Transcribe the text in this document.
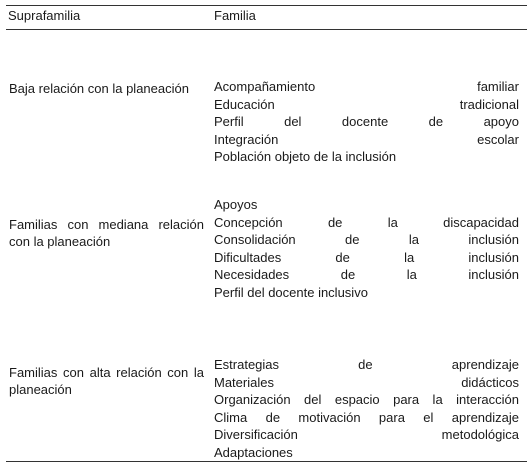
Suprafamilia	Familia
Baja relación con la planeación	Acompañamiento familiar
Educación tradicional
Perfil del docente de apoyo
Integración escolar
Población objeto de la inclusión
Familias con mediana relación con la planeación
Apoyos
Concepción de la discapacidad
Consolidación de la inclusión
Dificultades de la inclusión
Necesidades de la inclusión
Perfil del docente inclusivo
Familias con alta relación con la planeación
Estrategias de aprendizaje
Materiales didácticos
Organización del espacio para la interacción
Clima de motivación para el aprendizaje
Diversificación metodológica
Adaptaciones
